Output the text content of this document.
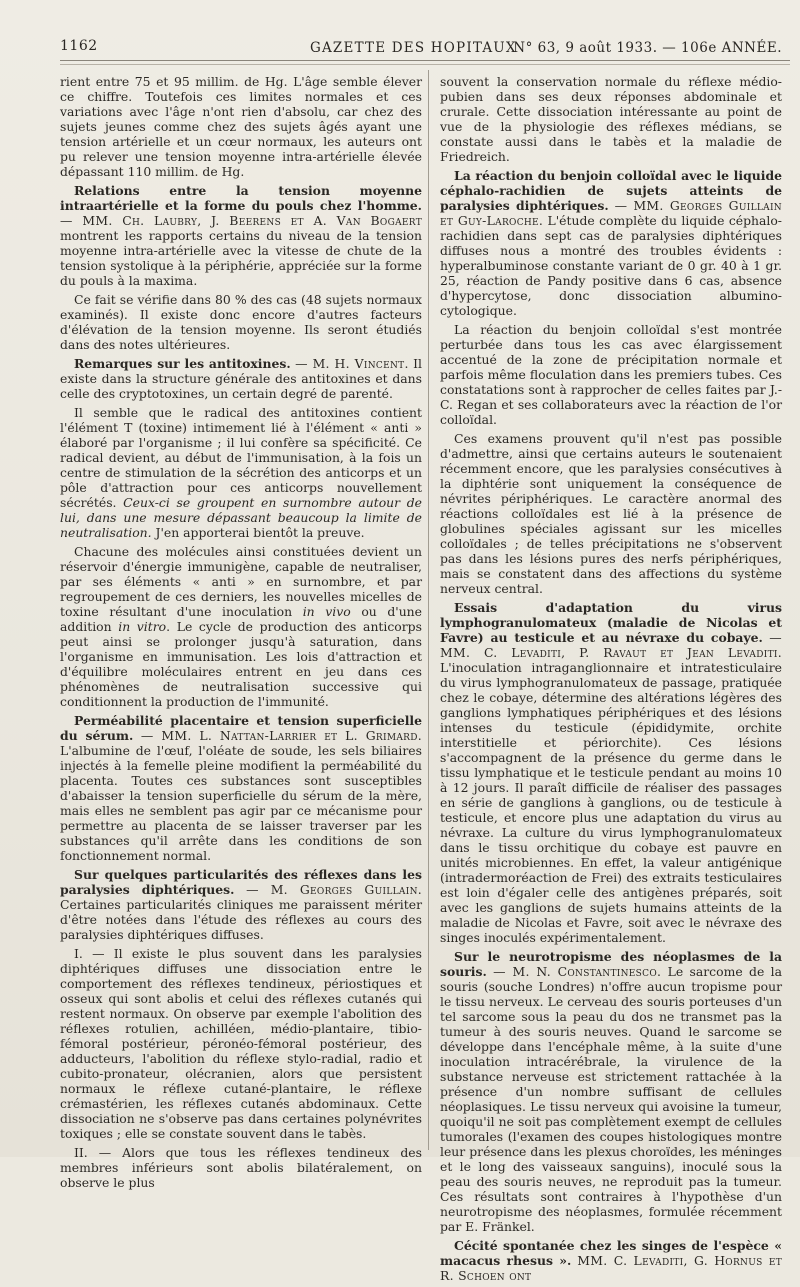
1162	GAZETTE DES HOPITAUX
N° 63, 9 août 1933. — 106e ANNÉE.

rient entre 75 et 95 millim. de Hg. L'âge semble élever ce chiffre. Toutefois ces limites normales et ces variations avec l'âge n'ont rien d'absolu, car chez des sujets jeunes comme chez des sujets âgés ayant une tension artérielle et un cœur normaux, les auteurs ont pu relever une tension moyenne intra-artérielle élevée dépassant 110 millim. de Hg.

Relations entre la tension moyenne intraartérielle et la forme du pouls chez l'homme. — MM. Ch. Laubry, J. Beerens et A. Van Bogaert montrent les rapports certains du niveau de la tension moyenne intra-artérielle avec la vitesse de chute de la tension systolique à la périphérie, appréciée sur la forme du pouls à la maxima.

Ce fait se vérifie dans 80 % des cas (48 sujets normaux examinés). Il existe donc encore d'autres facteurs d'élévation de la tension moyenne. Ils seront étudiés dans des notes ultérieures.

Remarques sur les antitoxines. — M. H. Vincent. Il existe dans la structure générale des antitoxines et dans celle des cryptotoxines, un certain degré de parenté.

Il semble que le radical des antitoxines contient l'élément T (toxine) intimement lié à l'élément « anti » élaboré par l'organisme ; il lui confère sa spécificité. Ce radical devient, au début de l'immunisation, à la fois un centre de stimulation de la sécrétion des anticorps et un pôle d'attraction pour ces anticorps nouvellement sécrétés. Ceux-ci se groupent en surnombre autour de lui, dans une mesure dépassant beaucoup la limite de neutralisation. J'en apporterai bientôt la preuve.

Chacune des molécules ainsi constituées devient un réservoir d'énergie immunigène, capable de neutraliser, par ses éléments « anti » en surnombre, et par regroupement de ces derniers, les nouvelles micelles de toxine résultant d'une inoculation in vivo ou d'une addition in vitro. Le cycle de production des anticorps peut ainsi se prolonger jusqu'à saturation, dans l'organisme en immunisation. Les lois d'attraction et d'équilibre moléculaires entrent en jeu dans ces phénomènes de neutralisation successive qui conditionnent la production de l'immunité.

Perméabilité placentaire et tension superficielle du sérum. — MM. L. Nattan-Larrier et L. Grimard. L'albumine de l'œuf, l'oléate de soude, les sels biliaires injectés à la femelle pleine modifient la perméabilité du placenta. Toutes ces substances sont susceptibles d'abaisser la tension superficielle du sérum de la mère, mais elles ne semblent pas agir par ce mécanisme pour permettre au placenta de se laisser traverser par les substances qu'il arrête dans les conditions de son fonctionnement normal.

Sur quelques particularités des réflexes dans les paralysies diphtériques. — M. Georges Guillain. Certaines particularités cliniques me paraissent mériter d'être notées dans l'étude des réflexes au cours des paralysies diphtériques diffuses.

I. — Il existe le plus souvent dans les paralysies diphtériques diffuses une dissociation entre le comportement des réflexes tendineux, périostiques et osseux qui sont abolis et celui des réflexes cutanés qui restent normaux. On observe par exemple l'abolition des réflexes rotulien, achilléen, médio-plantaire, tibio-fémoral postérieur, péronéo-fémoral postérieur, des adducteurs, l'abolition du réflexe stylo-radial, radio et cubito-pronateur, olécranien, alors que persistent normaux le réflexe cutané-plantaire, le réflexe crémastérien, les réflexes cutanés abdominaux. Cette dissociation ne s'observe pas dans certaines polynévrites toxiques ; elle se constate souvent dans le tabès.

II. — Alors que tous les réflexes tendineux des membres inférieurs sont abolis bilatéralement, on observe le plus

souvent la conservation normale du réflexe médio-pubien dans ses deux réponses abdominale et crurale. Cette dissociation intéressante au point de vue de la physiologie des réflexes médians, se constate aussi dans le tabès et la maladie de Friedreich.

La réaction du benjoin colloïdal avec le liquide céphalo-rachidien de sujets atteints de paralysies diphtériques. — MM. Georges Guillain et Guy-Laroche. L'étude complète du liquide céphalo-rachidien dans sept cas de paralysies diphtériques diffuses nous a montré des troubles évidents : hyperalbuminose constante variant de 0 gr. 40 à 1 gr. 25, réaction de Pandy positive dans 6 cas, absence d'hypercytose, donc dissociation albumino-cytologique.

La réaction du benjoin colloïdal s'est montrée perturbée dans tous les cas avec élargissement accentué de la zone de précipitation normale et parfois même floculation dans les premiers tubes. Ces constatations sont à rapprocher de celles faites par J.-C. Regan et ses collaborateurs avec la réaction de l'or colloïdal.

Ces examens prouvent qu'il n'est pas possible d'admettre, ainsi que certains auteurs le soutenaient récemment encore, que les paralysies consécutives à la diphtérie sont uniquement la conséquence de névrites périphériques. Le caractère anormal des réactions colloïdales est lié à la présence de globulines spéciales agissant sur les micelles colloïdales ; de telles précipitations ne s'observent pas dans les lésions pures des nerfs périphériques, mais se constatent dans des affections du système nerveux central.

Essais d'adaptation du virus lymphogranulomateux (maladie de Nicolas et Favre) au testicule et au névraxe du cobaye. — MM. C. Levaditi, P. Ravaut et Jean Levaditi. L'inoculation intraganglionnaire et intratesticulaire du virus lymphogranulomateux de passage, pratiquée chez le cobaye, détermine des altérations légères des ganglions lymphatiques périphériques et des lésions intenses du testicule (épididymite, orchite interstitielle et périorchite). Ces lésions s'accompagnent de la présence du germe dans le tissu lymphatique et le testicule pendant au moins 10 à 12 jours. Il paraît difficile de réaliser des passages en série de ganglions à ganglions, ou de testicule à testicule, et encore plus une adaptation du virus au névraxe. La culture du virus lymphogranulomateux dans le tissu orchitique du cobaye est pauvre en unités microbiennes. En effet, la valeur antigénique (intradermoréaction de Frei) des extraits testiculaires est loin d'égaler celle des antigènes préparés, soit avec les ganglions de sujets humains atteints de la maladie de Nicolas et Favre, soit avec le névraxe des singes inoculés expérimentalement.

Sur le neurotropisme des néoplasmes de la souris. — M. N. Constantinesco. Le sarcome de la souris (souche Londres) n'offre aucun tropisme pour le tissu nerveux. Le cerveau des souris porteuses d'un tel sarcome sous la peau du dos ne transmet pas la tumeur à des souris neuves. Quand le sarcome se développe dans l'encéphale même, à la suite d'une inoculation intracérébrale, la virulence de la substance nerveuse est strictement rattachée à la présence d'un nombre suffisant de cellules néoplasiques. Le tissu nerveux qui avoisine la tumeur, quoiqu'il ne soit pas complètement exempt de cellules tumorales (l'examen des coupes histologiques montre leur présence dans les plexus choroïdes, les méninges et le long des vaisseaux sanguins), inoculé sous la peau des souris neuves, ne reproduit pas la tumeur. Ces résultats sont contraires à l'hypothèse d'un neurotropisme des néoplasmes, formulée récemment par E. Fränkel.

Cécité spontanée chez les singes de l'espèce « macacus rhesus ». MM. C. Levaditi, G. Hornus et R. Schoen ont
